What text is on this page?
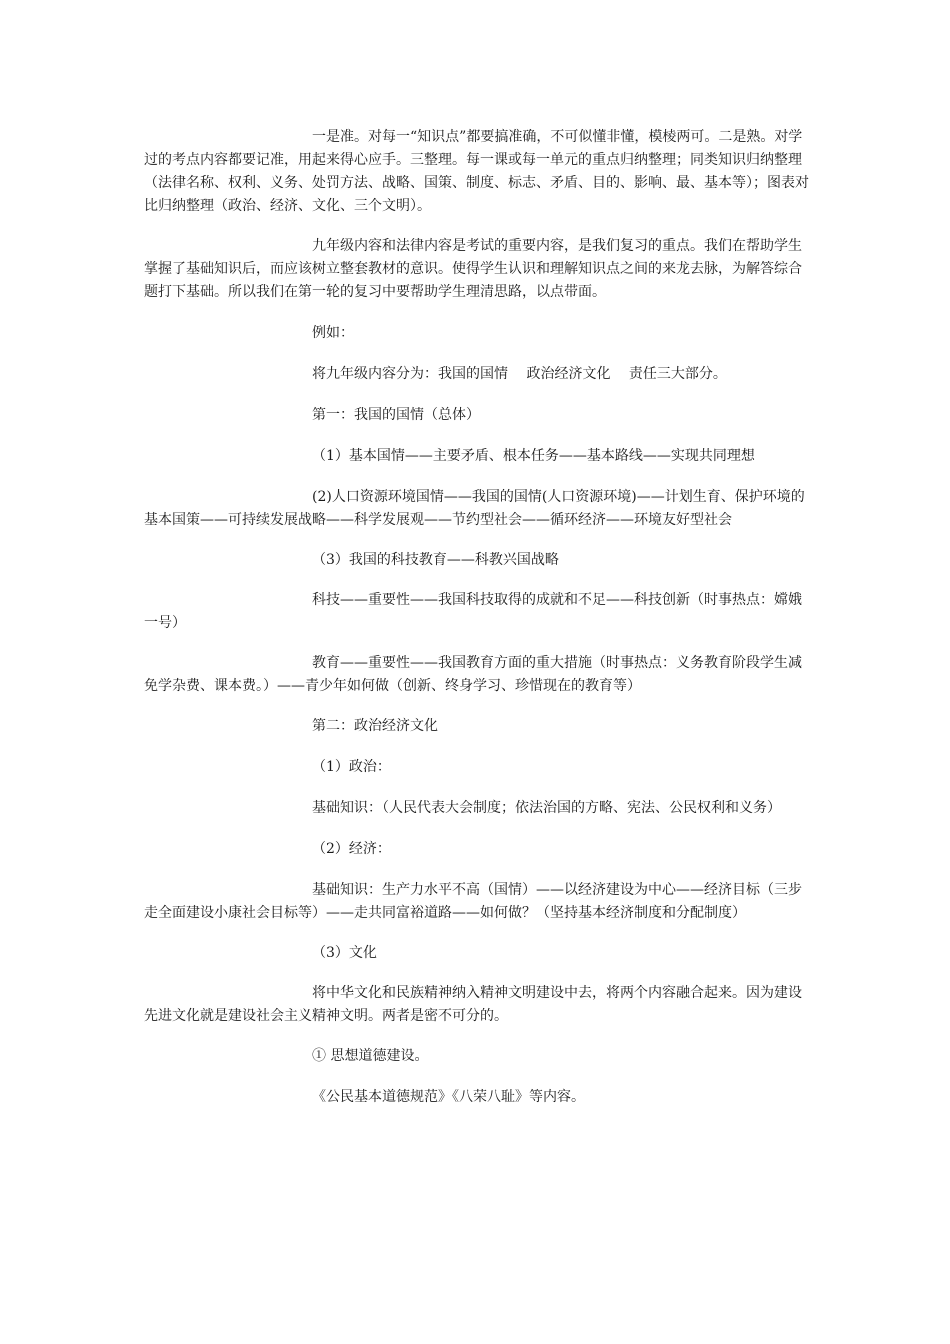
一是准。对每一“知识点”都要搞准确，不可似懂非懂，模棱两可。二是熟。对学过的考点内容都要记准，用起来得心应手。三整理。每一课或每一单元的重点归纳整理；同类知识归纳整理（法律名称、权利、义务、处罚方法、战略、国策、制度、标志、矛盾、目的、影响、最、基本等）；图表对比归纳整理（政治、经济、文化、三个文明）。

九年级内容和法律内容是考试的重要内容，是我们复习的重点。我们在帮助学生掌握了基础知识后，而应该树立整套教材的意识。使得学生认识和理解知识点之间的来龙去脉，为解答综合题打下基础。所以我们在第一轮的复习中要帮助学生理清思路，以点带面。

例如：

将九年级内容分为：我国的国情　 政治经济文化　 责任三大部分。

第一：我国的国情（总体）

（1）基本国情——主要矛盾、根本任务——基本路线——实现共同理想

(2)人口资源环境国情——我国的国情(人口资源环境)——计划生育、保护环境的基本国策——可持续发展战略——科学发展观——节约型社会——循环经济——环境友好型社会

（3）我国的科技教育——科教兴国战略

科技——重要性——我国科技取得的成就和不足——科技创新（时事热点：嫦娥一号）

教育——重要性——我国教育方面的重大措施（时事热点：义务教育阶段学生减免学杂费、课本费。）——青少年如何做（创新、终身学习、珍惜现在的教育等）

第二：政治经济文化

（1）政治：

基础知识：（人民代表大会制度；依法治国的方略、宪法、公民权利和义务）

（2）经济：

基础知识：生产力水平不高（国情）——以经济建设为中心——经济目标（三步走全面建设小康社会目标等）——走共同富裕道路——如何做？（坚持基本经济制度和分配制度）

（3）文化

将中华文化和民族精神纳入精神文明建设中去，将两个内容融合起来。因为建设先进文化就是建设社会主义精神文明。两者是密不可分的。

① 思想道德建设。

《公民基本道德规范》《八荣八耻》等内容。
